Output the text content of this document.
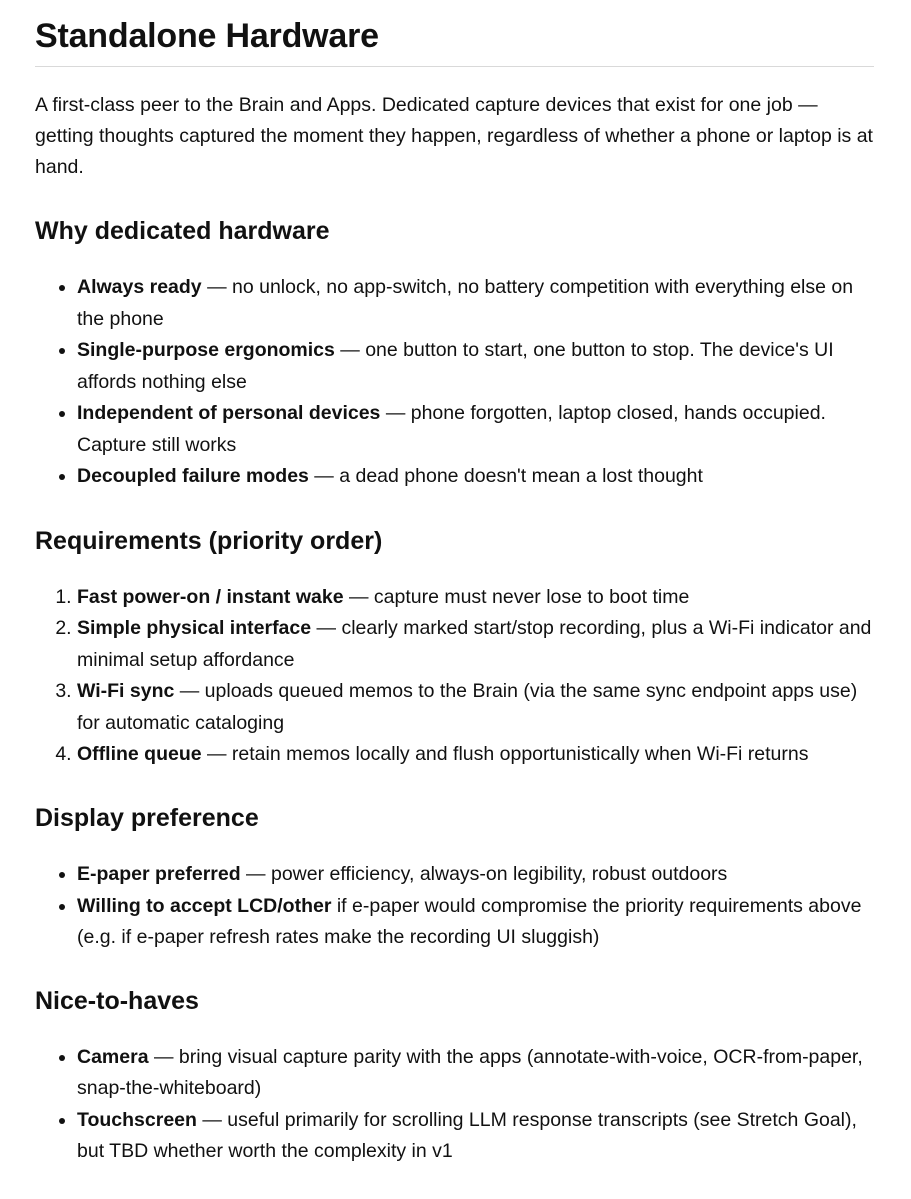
Standalone Hardware

A first-class peer to the Brain and Apps. Dedicated capture devices that exist for one job — getting thoughts captured the moment they happen, regardless of whether a phone or laptop is at hand.

Why dedicated hardware
• Always ready — no unlock, no app-switch, no battery competition with everything else on the phone
• Single-purpose ergonomics — one button to start, one button to stop. The device's UI affords nothing else
• Independent of personal devices — phone forgotten, laptop closed, hands occupied. Capture still works
• Decoupled failure modes — a dead phone doesn't mean a lost thought
Requirements (priority order)
1. Fast power-on / instant wake — capture must never lose to boot time
2. Simple physical interface — clearly marked start/stop recording, plus a Wi-Fi indicator and minimal setup affordance
3. Wi-Fi sync — uploads queued memos to the Brain (via the same sync endpoint apps use) for automatic cataloging
4. Offline queue — retain memos locally and flush opportunistically when Wi-Fi returns
Display preference
• E-paper preferred — power efficiency, always-on legibility, robust outdoors
• Willing to accept LCD/other if e-paper would compromise the priority requirements above (e.g. if e-paper refresh rates make the recording UI sluggish)
Nice-to-haves
• Camera — bring visual capture parity with the apps (annotate-with-voice, OCR-from-paper, snap-the-whiteboard)
• Touchscreen — useful primarily for scrolling LLM response transcripts (see Stretch Goal), but TBD whether worth the complexity in v1
